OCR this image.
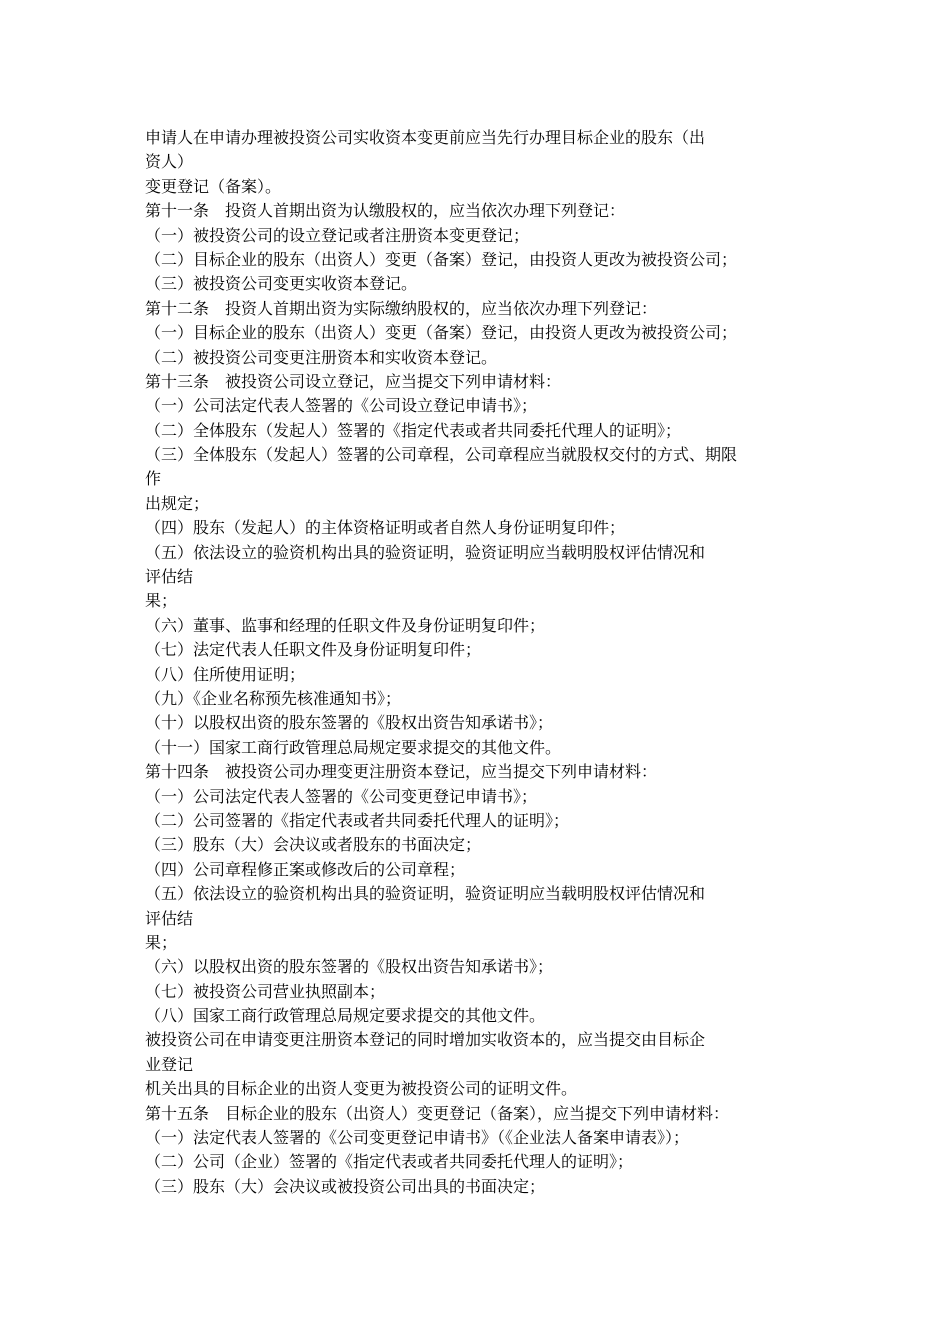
申请人在申请办理被投资公司实收资本变更前应当先行办理目标企业的股东（出
资人）
变更登记（备案）。
第十一条　投资人首期出资为认缴股权的，应当依次办理下列登记：
（一）被投资公司的设立登记或者注册资本变更登记；
（二）目标企业的股东（出资人）变更（备案）登记，由投资人更改为被投资公司；
（三）被投资公司变更实收资本登记。
第十二条　投资人首期出资为实际缴纳股权的，应当依次办理下列登记：
（一）目标企业的股东（出资人）变更（备案）登记，由投资人更改为被投资公司；
（二）被投资公司变更注册资本和实收资本登记。
第十三条　被投资公司设立登记，应当提交下列申请材料：
（一）公司法定代表人签署的《公司设立登记申请书》；
（二）全体股东（发起人）签署的《指定代表或者共同委托代理人的证明》；
（三）全体股东（发起人）签署的公司章程，公司章程应当就股权交付的方式、期限
作
出规定；
（四）股东（发起人）的主体资格证明或者自然人身份证明复印件；
（五）依法设立的验资机构出具的验资证明，验资证明应当载明股权评估情况和
评估结
果；
（六）董事、监事和经理的任职文件及身份证明复印件；
（七）法定代表人任职文件及身份证明复印件；
（八）住所使用证明；
（九）《企业名称预先核准通知书》；
（十）以股权出资的股东签署的《股权出资告知承诺书》；
（十一）国家工商行政管理总局规定要求提交的其他文件。
第十四条　被投资公司办理变更注册资本登记，应当提交下列申请材料：
（一）公司法定代表人签署的《公司变更登记申请书》；
（二）公司签署的《指定代表或者共同委托代理人的证明》；
（三）股东（大）会决议或者股东的书面决定；
（四）公司章程修正案或修改后的公司章程；
（五）依法设立的验资机构出具的验资证明，验资证明应当载明股权评估情况和
评估结
果；
（六）以股权出资的股东签署的《股权出资告知承诺书》；
（七）被投资公司营业执照副本；
（八）国家工商行政管理总局规定要求提交的其他文件。
被投资公司在申请变更注册资本登记的同时增加实收资本的，应当提交由目标企
业登记
机关出具的目标企业的出资人变更为被投资公司的证明文件。
第十五条　目标企业的股东（出资人）变更登记（备案），应当提交下列申请材料：
（一）法定代表人签署的《公司变更登记申请书》（《企业法人备案申请表》）；
（二）公司（企业）签署的《指定代表或者共同委托代理人的证明》；
（三）股东（大）会决议或被投资公司出具的书面决定；
